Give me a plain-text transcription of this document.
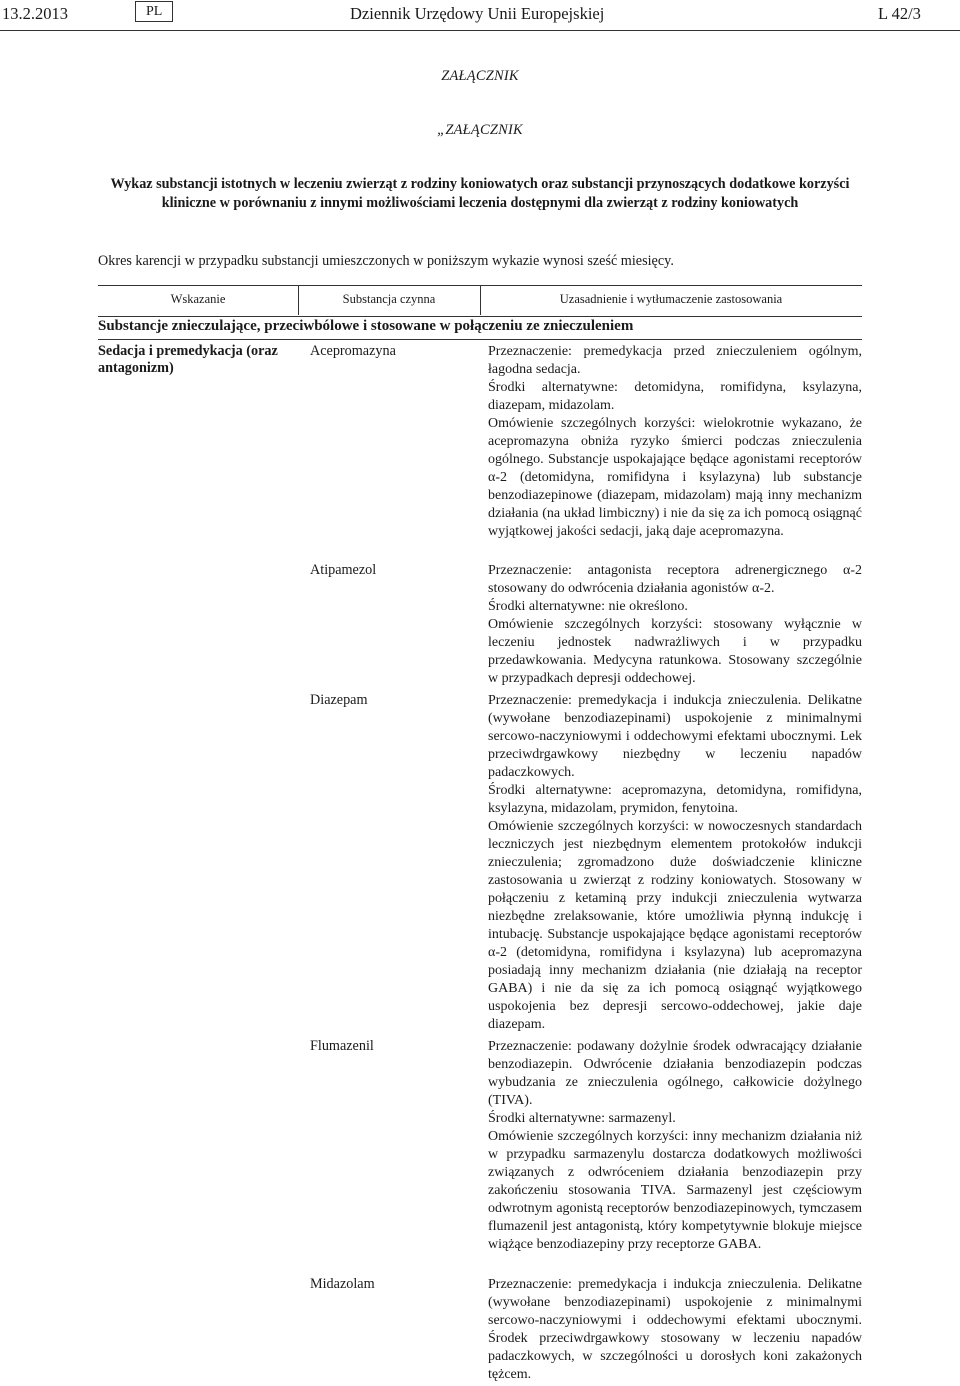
13.2.2013	PL	Dziennik Urzędowy Unii Europejskiej	L 42/3
ZAŁĄCZNIK
„ZAŁĄCZNIK
Wykaz substancji istotnych w leczeniu zwierząt z rodziny koniowatych oraz substancji przynoszących dodatkowe korzyści kliniczne w porównaniu z innymi możliwościami leczenia dostępnymi dla zwierząt z rodziny koniowatych
Okres karencji w przypadku substancji umieszczonych w poniższym wykazie wynosi sześć miesięcy.
Wskazanie	Substancja czynna	Uzasadnienie i wytłumaczenie zastosowania
Substancje znieczulające, przeciwbólowe i stosowane w połączeniu ze znieczuleniem
Sedacja i premedykacja (oraz antagonizm)
Acepromazyna	Przeznaczenie: premedykacja przed znieczuleniem ogólnym, łagodna sedacja.

Środki alternatywne: detomidyna, romifidyna, ksylazyna, diazepam, midazolam.

Omówienie szczególnych korzyści: wielokrotnie wykazano, że acepromazyna obniża ryzyko śmierci podczas znieczulenia ogólnego. Substancje uspokajające będące agonistami receptorów α-2 (detomidyna, romifidyna i ksylazyna) lub substancje benzodiazepinowe (diazepam, midazolam) mają inny mechanizm działania (na układ limbiczny) i nie da się za ich pomocą osiągnąć wyjątkowej jakości sedacji, jaką daje acepromazyna.

Atipamezol	Przeznaczenie: antagonista receptora adrenergicznego α-2 stosowany do odwrócenia działania agonistów α-2.

Środki alternatywne: nie określono.

Omówienie szczególnych korzyści: stosowany wyłącznie w leczeniu jednostek nadwrażliwych i w przypadku przedawkowania. Medycyna ratunkowa. Stosowany szczególnie w przypadkach depresji oddechowej.

Diazepam	Przeznaczenie: premedykacja i indukcja znieczulenia. Delikatne (wywołane benzodiazepinami) uspokojenie z minimalnymi sercowo-naczyniowymi i oddechowymi efektami ubocznymi. Lek przeciwdrgawkowy niezbędny w leczeniu napadów padaczkowych.

Środki alternatywne: acepromazyna, detomidyna, romifidyna, ksylazyna, midazolam, prymidon, fenytoina.

Omówienie szczególnych korzyści: w nowoczesnych standardach leczniczych jest niezbędnym elementem protokołów indukcji znieczulenia; zgromadzono duże doświadczenie kliniczne zastosowania u zwierząt z rodziny koniowatych. Stosowany w połączeniu z ketaminą przy indukcji znieczulenia wytwarza niezbędne zrelaksowanie, które umożliwia płynną indukcję i intubację. Substancje uspokajające będące agonistami receptorów α-2 (detomidyna, romifidyna i ksylazyna) lub acepromazyna posiadają inny mechanizm działania (nie działają na receptor GABA) i nie da się za ich pomocą osiągnąć wyjątkowego uspokojenia bez depresji sercowo-oddechowej, jakie daje diazepam.

Flumazenil	Przeznaczenie: podawany dożylnie środek odwracający działanie benzodiazepin. Odwrócenie działania benzodiazepin podczas wybudzania ze znieczulenia ogólnego, całkowicie dożylnego (TIVA).

Środki alternatywne: sarmazenyl.

Omówienie szczególnych korzyści: inny mechanizm działania niż w przypadku sarmazenylu dostarcza dodatkowych możliwości związanych z odwróceniem działania benzodiazepin przy zakończeniu stosowania TIVA. Sarmazenyl jest częściowym odwrotnym agonistą receptorów benzodiazepinowych, tymczasem flumazenil jest antagonistą, który kompetytywnie blokuje miejsce wiążące benzodiazepiny przy receptorze GABA.

Midazolam	Przeznaczenie: premedykacja i indukcja znieczulenia. Delikatne (wywołane benzodiazepinami) uspokojenie z minimalnymi sercowo-naczyniowymi i oddechowymi efektami ubocznymi. Środek przeciwdrgawkowy stosowany w leczeniu napadów padaczkowych, w szczególności u dorosłych koni zakażonych tężcem.
